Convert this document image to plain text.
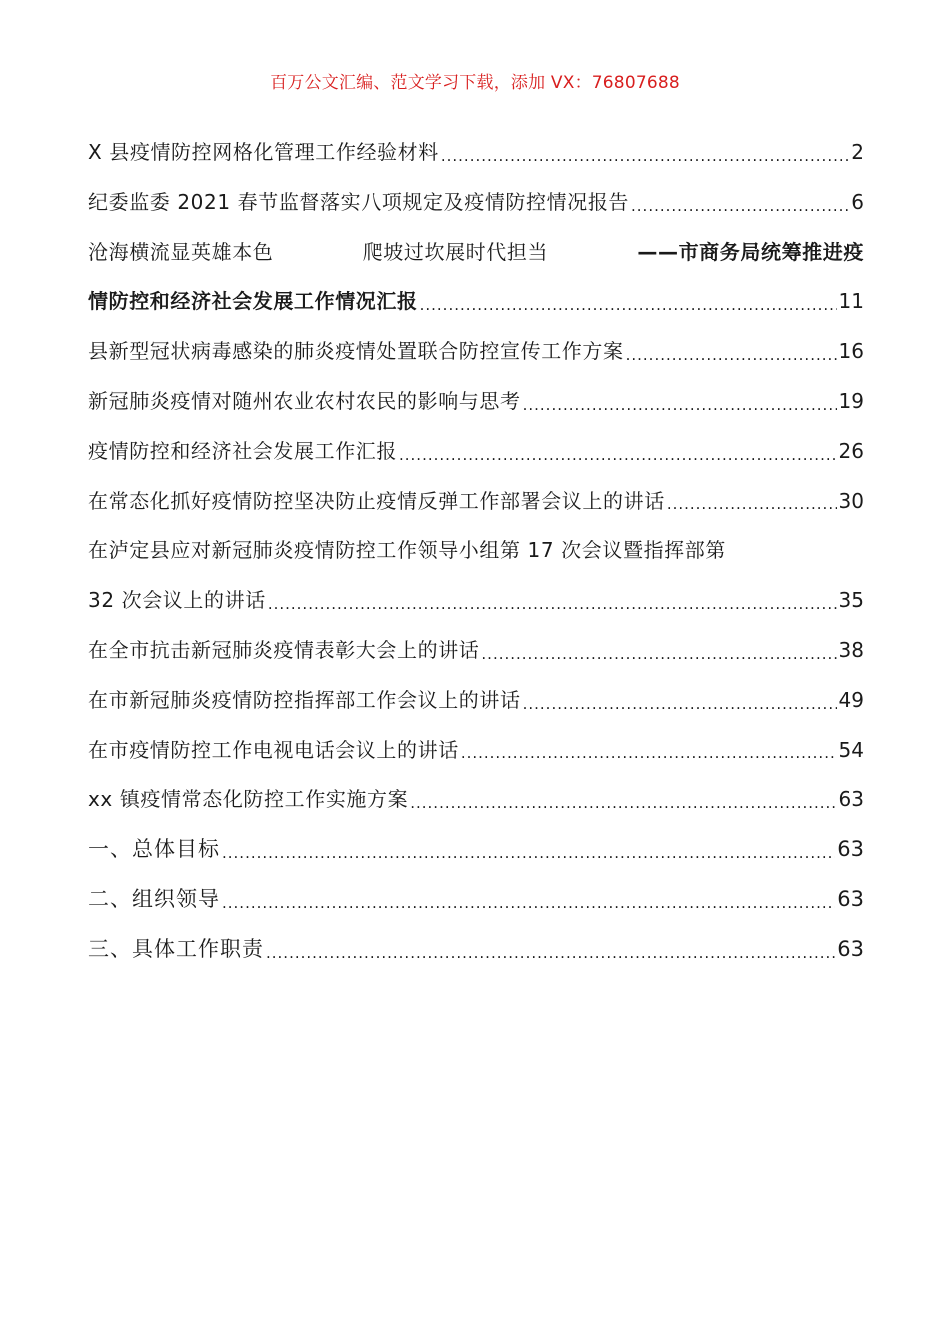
百万公文汇编、范文学习下载，添加 VX：76807688
X 县疫情防控网格化管理工作经验材料 .....	2
纪委监委 2021 春节监督落实八项规定及疫情防控情况报告 .....	6
沧海横流显英雄本色	爬坡过坎展时代担当	——市商务局统筹推进疫
情防控和经济社会发展工作情况汇报 .....	11
县新型冠状病毒感染的肺炎疫情处置联合防控宣传工作方案 .....	16
新冠肺炎疫情对随州农业农村农民的影响与思考 .....	19
疫情防控和经济社会发展工作汇报 .....	26
在常态化抓好疫情防控坚决防止疫情反弹工作部署会议上的讲话 .....	30
在泸定县应对新冠肺炎疫情防控工作领导小组第 17 次会议暨指挥部第
32 次会议上的讲话 .....	35
在全市抗击新冠肺炎疫情表彰大会上的讲话 .....	38
在市新冠肺炎疫情防控指挥部工作会议上的讲话 .....	49
在市疫情防控工作电视电话会议上的讲话 .....	54
xx 镇疫情常态化防控工作实施方案 .....	63
一、总体目标 .....	63
二、组织领导 .....	63
三、具体工作职责 .....	63
